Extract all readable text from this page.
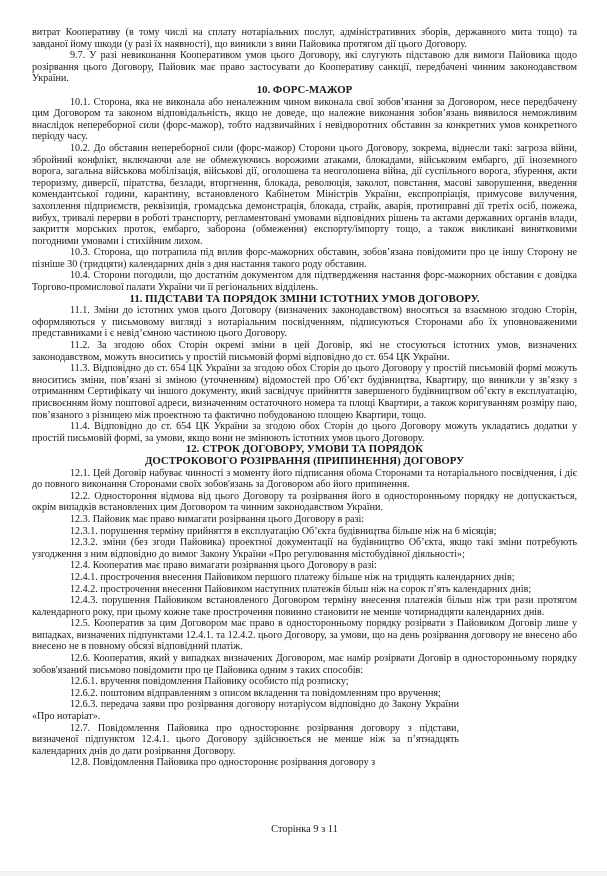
витрат Кооперативу (в тому числі на сплату нотаріальних послуг, адміністративних зборів, державного мита тощо) та завданої йому шкоди (у разі їх наявності), що виникли з вини Пайовика протягом дії цього Договору.

9.7. У разі невиконання Кооперативом умов цього Договору, які слугують підставою для вимоги Пайовика щодо розірвання цього Договору, Пайовик має право застосувати до Кооперативу санкції, передбачені чинним законодавством України.

10. ФОРС-МАЖОР

10.1. Сторона, яка не виконала або неналежним чином виконала свої зобов’язання за Договором, несе передбачену цим Договором та законом відповідальність, якщо не доведе, що належне виконання зобов’язань виявилося неможливим внаслідок непереборної сили (форс-мажор), тобто надзвичайних і невідворотних обставин за конкретних умов конкретного періоду часу.

10.2. До обставин непереборної сили (форс-мажор) Сторони цього Договору, зокрема, віднесли такі: загроза війни, збройний конфлікт, включаючи але не обмежуючись ворожими атаками, блокадами, військовим ембарго, дії іноземного ворога, загальна військова мобілізація, військові дії, оголошена та неоголошена війна, дії суспільного ворога, збурення, акти тероризму, диверсії, піратства, безлади, вторгнення, блокада, революція, заколот, повстання, масові заворушення, введення комендантської години, карантину, встановленого Кабінетом Міністрів України, експропріація, примусове вилучення, захоплення підприємств, реквізиція, громадська демонстрація, блокада, страйк, аварія, протиправні дії третіх осіб, пожежа, вибух, тривалі перерви в роботі транспорту, регламентовані умовами відповідних рішень та актами державних органів влади, закриття морських проток, ембарго, заборона (обмеження) експорту/імпорту тощо, а також викликані винятковими погодними умовами і стихійним лихом.

10.3. Сторона, що потрапила під вплив форс-мажорних обставин, зобов’язана повідомити про це іншу Сторону не пізніше 30 (тридцяти) календарних днів з дня настання такого роду обставин.

10.4. Сторони погодили, що достатнім документом для підтвердження настання форс-мажорних обставин є довідка Торгово-промислової палати України чи її регіональних відділень.

11. ПІДСТАВИ ТА ПОРЯДОК ЗМІНИ ІСТОТНИХ УМОВ ДОГОВОРУ.

11.1. Зміни до істотних умов цього Договору (визначених законодавством) вносяться за взаємною згодою Сторін, оформляються у письмовому вигляді з нотаріальним посвідченням, підписуються Сторонами або їх уповноваженими представниками і є невід’ємною частиною цього Договору.

11.2. За згодою обох Сторін окремі зміни в цей Договір, які не стосуються істотних умов, визначених законодавством, можуть вноситись у простій письмовій формі відповідно до ст. 654 ЦК України.

11.3. Відповідно до ст. 654 ЦК України за згодою обох Сторін до цього Договору у простій письмовій формі можуть вноситись зміни, пов’язані зі зміною (уточненням) відомостей про Об’єкт будівництва, Квартиру, що виникли у зв’язку з отриманням Сертифікату чи іншого документу, який засвідчує прийняття завершеного будівництвом об’єкту в експлуатацію, присвоєнням йому поштової адреси, визначенням остаточного номера та площі Квартири, а також коригуванням розміру паю, пов’язаного з різницею між проектною та фактично побудованою площею Квартири, тощо.

11.4. Відповідно до ст. 654 ЦК України за згодою обох Сторін до цього Договору можуть укладатись додатки у простій письмовій формі, за умови, якщо вони не змінюють істотних умов цього Договору.

12. СТРОК ДОГОВОРУ, УМОВИ ТА ПОРЯДОК

ДОСТРОКОВОГО РОЗІРВАННЯ (ПРИПИНЕННЯ) ДОГОВОРУ

12.1. Цей Договір набуває чинності з моменту його підписання обома Сторонами та нотаріального посвідчення, і діє до повного виконання Сторонами своїх зобов'язань за Договором або його припинення.

12.2. Одностороння відмова від цього Договору та розірвання його в односторонньому порядку не допускається, окрім випадків встановлених цим Договором та чинним законодавством України.

12.3. Пайовик має право вимагати розірвання цього Договору в разі:

12.3.1. порушення терміну прийняття в експлуатацію Об’єкта будівництва більше ніж на 6 місяців;

12.3.2. зміни (без згоди Пайовика) проектної документації на будівництво Об’єкта, якщо такі зміни потребують узгодження з ним відповідно до вимог Закону України «Про регулювання містобудівної діяльності»;

12.4. Кооператив має право вимагати розірвання цього Договору в разі:

12.4.1. прострочення внесення Пайовиком першого платежу більше ніж на тридцять календарних днів;

12.4.2. прострочення внесення Пайовиком наступних платежів більш ніж на сорок п’ять календарних днів;

12.4.3. порушення Пайовиком встановленого Договором терміну внесення платежів більш ніж три рази протягом календарного року, при цьому кожне таке прострочення повинно становити не менше чотирнадцяти календарних днів.

12.5. Кооператив за цим Договором має право в односторонньому порядку розірвати з Пайовиком Договір лише у випадках, визначених підпунктами 12.4.1. та 12.4.2. цього Договору, за умови, що на день розірвання договору не внесено або внесено не в повному обсязі відповідний платіж.

12.6. Кооператив, який у випадках визначених Договором, має намір розірвати Договір в односторонньому порядку зобов'язаний письмово повідомити про це Пайовика одним з таких способів:

12.6.1. вручення повідомлення Пайовику особисто під розписку;

12.6.2. поштовим відправленням з описом вкладення та повідомленням про вручення;

12.6.3. передача заяви про розірвання договору нотаріусом відповідно до Закону України «Про нотаріат».

12.7. Повідомлення Пайовика про одностороннє розірвання договору з підстави, визначеної підпунктом 12.4.1. цього Договору здійснюється не менше ніж за п’ятнадцять календарних днів до дати розірвання Договору.

12.8. Повідомлення Пайовика про одностороннє розірвання договору з

Сторінка 9 з 11
